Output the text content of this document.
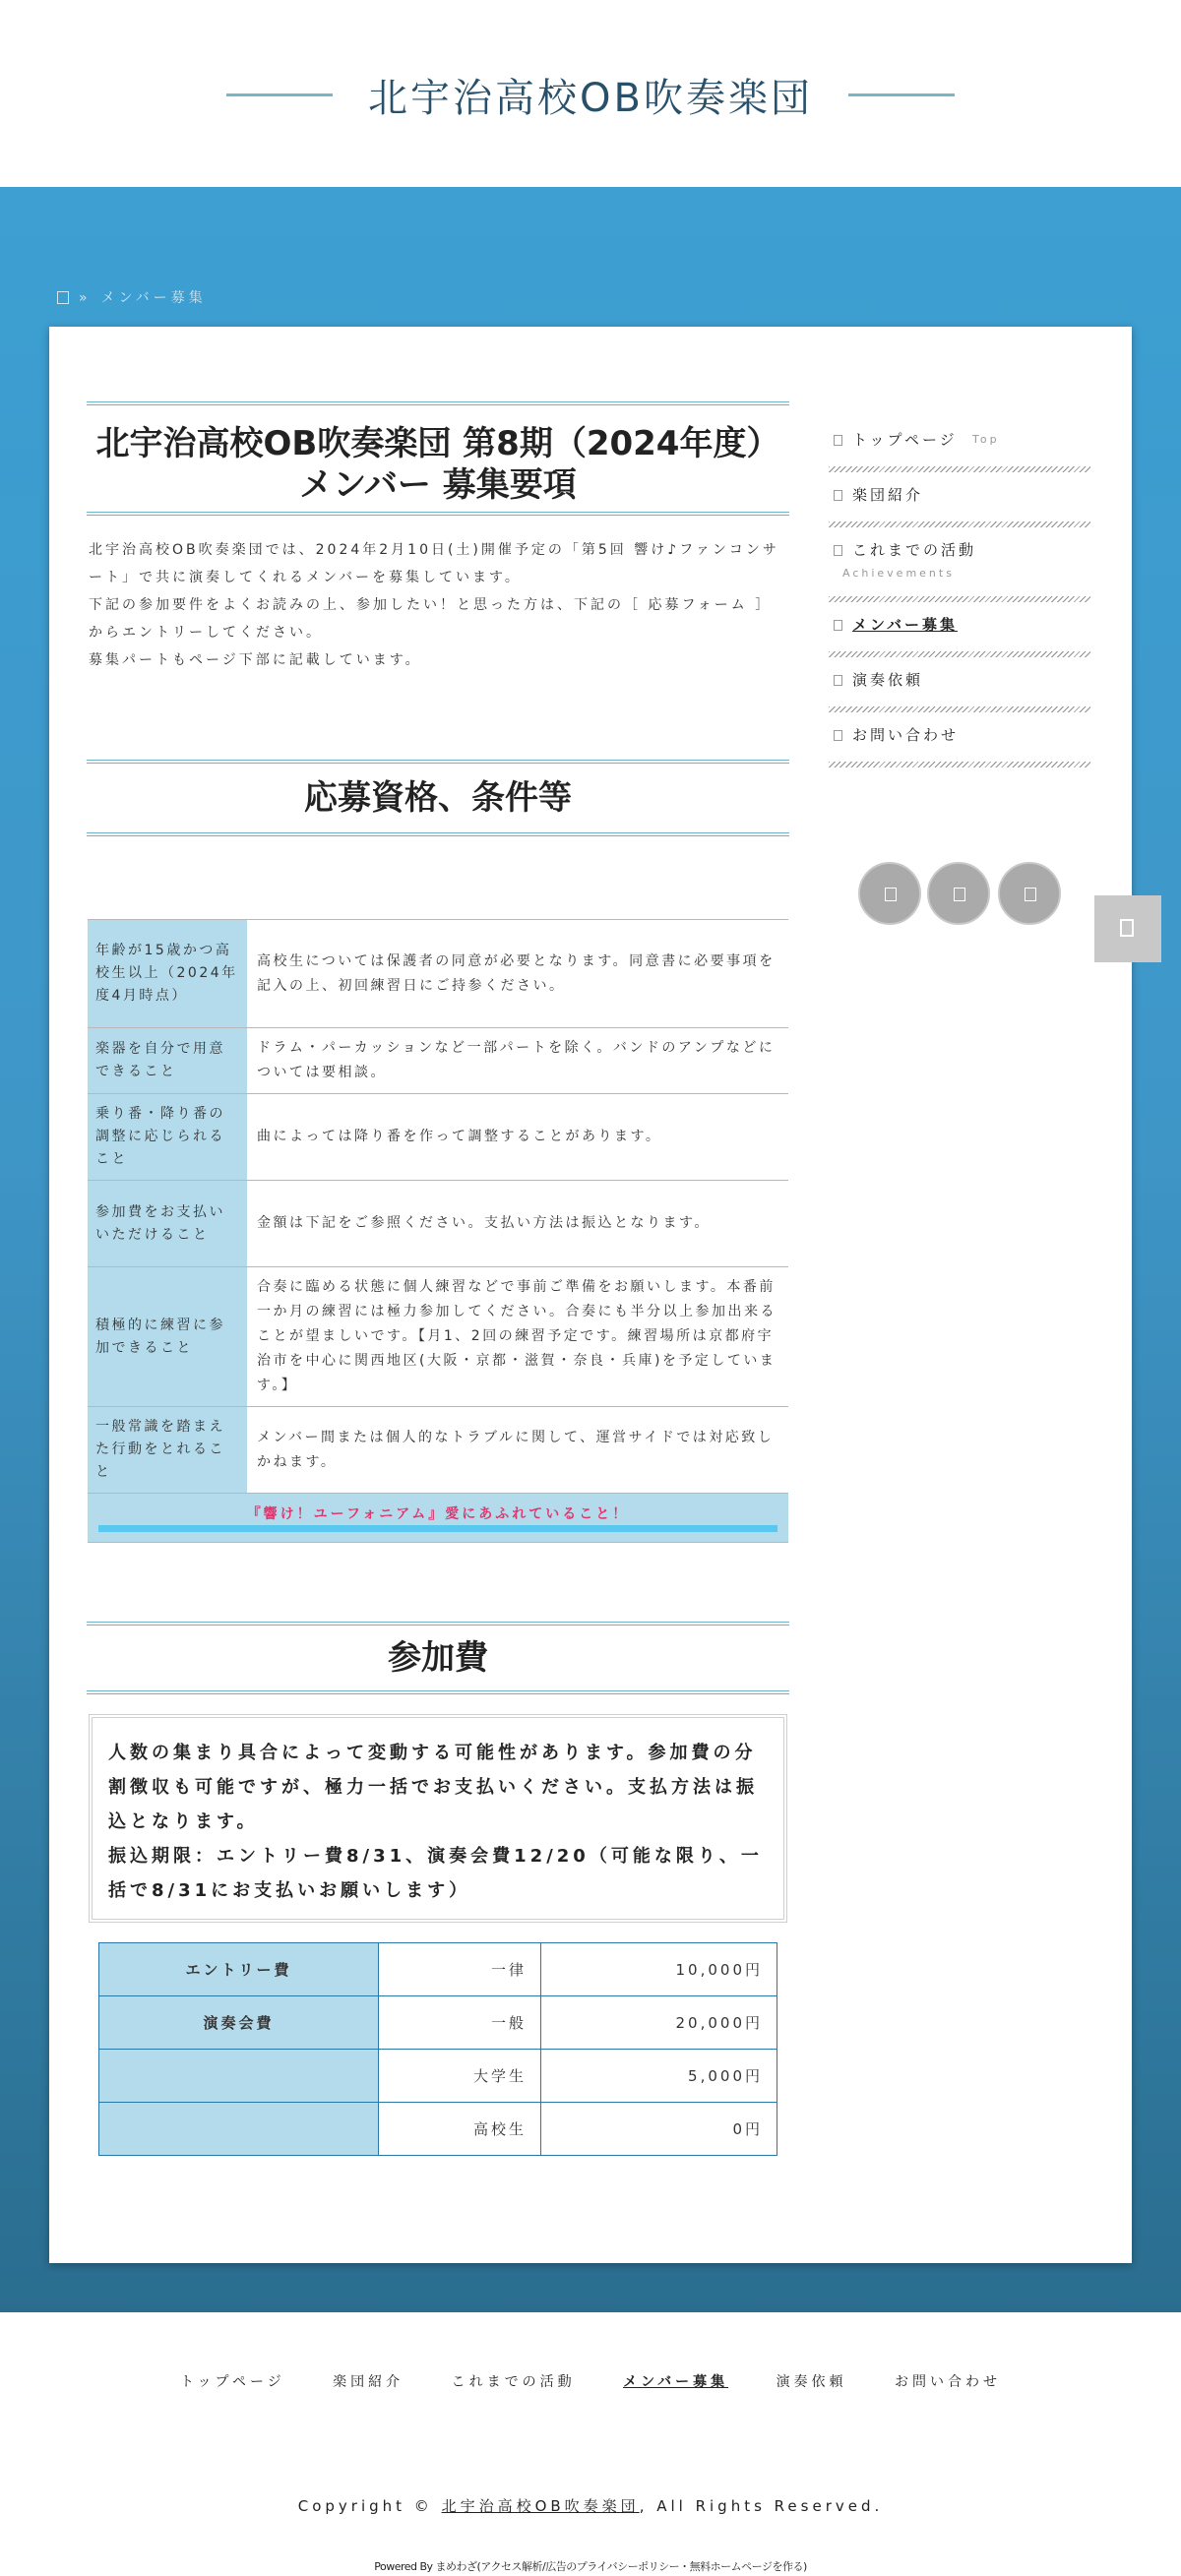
北宇治高校OB吹奏楽団
» メンバー募集
北宇治高校OB吹奏楽団 第8期（2024年度）メンバー 募集要項

北宇治高校OB吹奏楽団では、2024年2月10日(土)開催予定の「第5回 響け♪ファンコンサート」で共に演奏してくれるメンバーを募集しています。

下記の参加要件をよくお読みの上、参加したい！と思った方は、下記の［ 応募フォーム ］からエントリーしてください。

募集パートもページ下部に記載しています。

応募資格、条件等
年齢が15歳かつ高校生以上（2024年度4月時点）	高校生については保護者の同意が必要となります。同意書に必要事項を記入の上、初回練習日にご持参ください。
楽器を自分で用意できること	ドラム・パーカッションなど一部パートを除く。バンドのアンプなどについては要相談。
乗り番・降り番の調整に応じられること	曲によっては降り番を作って調整することがあります。
参加費をお支払いいただけること	金額は下記をご参照ください。支払い方法は振込となります。
積極的に練習に参加できること	合奏に臨める状態に個人練習などで事前ご準備をお願いします。本番前一か月の練習には極力参加してください。合奏にも半分以上参加出来ることが望ましいです。【月1、2回の練習予定です。練習場所は京都府宇治市を中心に関西地区(大阪・京都・滋賀・奈良・兵庫)を予定しています。】
一般常識を踏まえた行動をとれること	メンバー間または個人的なトラブルに関して、運営サイドでは対応致しかねます。
『響け！ユーフォニアム』愛にあふれていること！	
参加費

人数の集まり具合によって変動する可能性があります。参加費の分割徴収も可能ですが、極力一括でお支払いください。支払方法は振込となります。

振込期限：エントリー費8/31、演奏会費12/20（可能な限り、一括で8/31にお支払いお願いします）

エントリー費	一律	10,000円
演奏会費	一般	20,000円
	大学生	5,000円
	高校生	0円
トップページ Top
楽団紹介
これまでの活動
Achievements
メンバー募集
演奏依頼
お問い合わせ
トップページ	楽団紹介	これまでの活動	メンバー募集	演奏依頼	お問い合わせ
Copyright © 北宇治高校OB吹奏楽団, All Rights Reserved.
Powered By まめわざ(アクセス解析/広告のプライバシーポリシー・無料ホームページを作る)
